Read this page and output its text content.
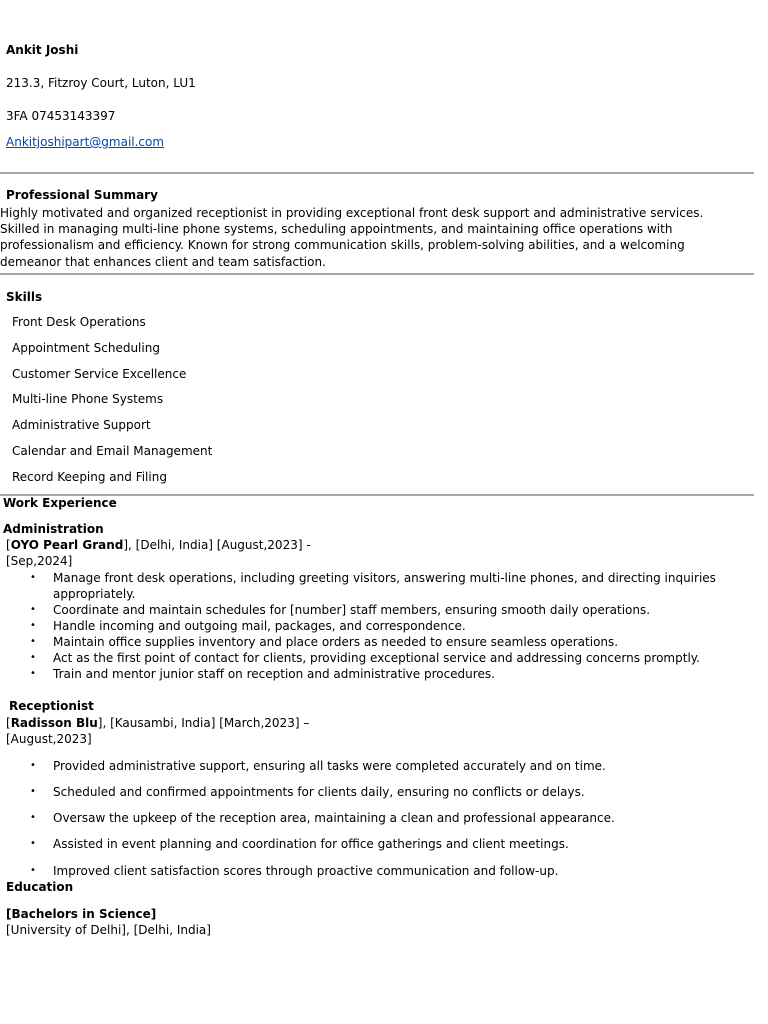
Ankit Joshi
213.3, Fitzroy Court, Luton, LU1
3FA 07453143397
Ankitjoshipart@gmail.com
Professional Summary
Highly motivated and organized receptionist in providing exceptional front desk support and administrative services. Skilled in managing multi-line phone systems, scheduling appointments, and maintaining office operations with professionalism and efficiency. Known for strong communication skills, problem-solving abilities, and a welcoming demeanor that enhances client and team satisfaction.
Skills
Front Desk Operations
Appointment Scheduling
Customer Service Excellence
Multi-line Phone Systems
Administrative Support
Calendar and Email Management
Record Keeping and Filing
Work Experience
Administration
[OYO Pearl Grand], [Delhi, India] [August,2023] -
[Sep,2024]
• Manage front desk operations, including greeting visitors, answering multi-line phones, and directing inquiries
appropriately.
• Coordinate and maintain schedules for [number] staff members, ensuring smooth daily operations.
• Handle incoming and outgoing mail, packages, and correspondence.
• Maintain office supplies inventory and place orders as needed to ensure seamless operations.
• Act as the first point of contact for clients, providing exceptional service and addressing concerns promptly.
• Train and mentor junior staff on reception and administrative procedures.
Receptionist
[Radisson Blu], [Kausambi, India] [March,2023] –
[August,2023]
• Provided administrative support, ensuring all tasks were completed accurately and on time.
• Scheduled and confirmed appointments for clients daily, ensuring no conflicts or delays.
• Oversaw the upkeep of the reception area, maintaining a clean and professional appearance.
• Assisted in event planning and coordination for office gatherings and client meetings.
• Improved client satisfaction scores through proactive communication and follow-up.
Education
[Bachelors in Science]
[University of Delhi], [Delhi, India]
